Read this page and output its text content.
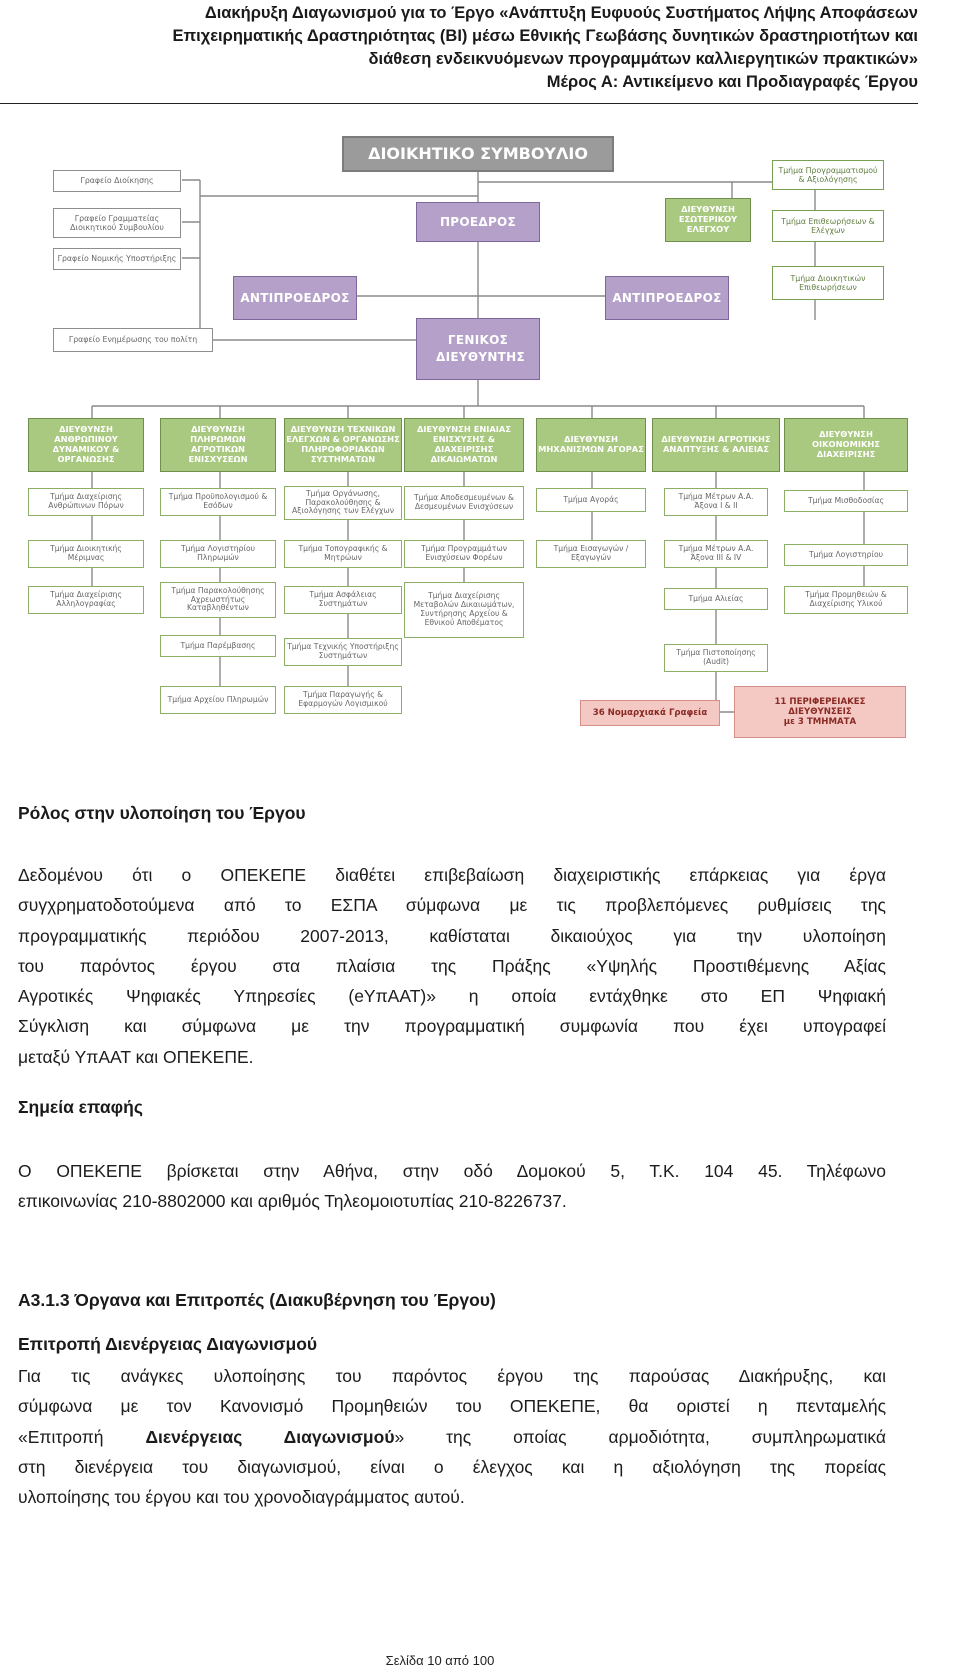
Διακήρυξη Διαγωνισμού για το Έργο «Ανάπτυξη Ευφυούς Συστήματος Λήψης Αποφάσεων
Επιχειρηματικής Δραστηριότητας (BI) μέσω Εθνικής Γεωβάσης δυνητικών δραστηριοτήτων και
διάθεση ενδεικνυόμενων προγραμμάτων καλλιεργητικών πρακτικών»
Μέρος Α: Αντικείμενο και Προδιαγραφές Έργου
ΔΙΟΙΚΗΤΙΚΟ ΣΥΜΒΟΥΛΙΟ
Γραφείο Διοίκησης
Γραφείο Γραμματείας Διοικητικού Συμβουλίου
Γραφείο Νομικής Υποστήριξης
Γραφείο Ενημέρωσης του πολίτη
ΠΡΟΕΔΡΟΣ
ΑΝΤΙΠΡΟΕΔΡΟΣ	ΑΝΤΙΠΡΟΕΔΡΟΣ
ΓΕΝΙΚΟΣ ΔΙΕΥΘΥΝΤΗΣ
ΔΙΕΥΘΥΝΣΗ ΕΣΩΤΕΡΙΚΟΥ ΕΛΕΓΧΟΥ
Τμήμα Προγραμματισμού & Αξιολόγησης
Τμήμα Επιθεωρήσεων & Ελέγχων
Τμήμα Διοικητικών Επιθεωρήσεων
ΔΙΕΥΘΥΝΣΗ ΑΝΘΡΩΠΙΝΟΥ ΔΥΝΑΜΙΚΟΥ & ΟΡΓΑΝΩΣΗΣ
Τμήμα Διαχείρισης Ανθρώπινων Πόρων
Τμήμα Διοικητικής Μέριμνας
Τμήμα Διαχείρισης Αλληλογραφίας
ΔΙΕΥΘΥΝΣΗ ΠΛΗΡΩΜΩΝ ΑΓΡΟΤΙΚΩΝ ΕΝΙΣΧΥΣΕΩΝ
Τμήμα Προϋπολογισμού & Εσόδων
Τμήμα Λογιστηρίου Πληρωμών
Τμήμα Παρακολούθησης Αχρεωστήτως Καταβληθέντων
Τμήμα Παρέμβασης
Τμήμα Αρχείου Πληρωμών
ΔΙΕΥΘΥΝΣΗ ΤΕΧΝΙΚΩΝ ΕΛΕΓΧΩΝ & ΟΡΓΑΝΩΣΗΣ ΠΛΗΡΟΦΟΡΙΑΚΩΝ ΣΥΣΤΗΜΑΤΩΝ
Τμήμα Οργάνωσης, Παρακολούθησης & Αξιολόγησης των Ελέγχων
Τμήμα Τοπογραφικής & Μητρώων
Τμήμα Ασφάλειας Συστημάτων
Τμήμα Τεχνικής Υποστήριξης Συστημάτων
Τμήμα Παραγωγής & Εφαρμογών Λογισμικού
ΔΙΕΥΘΥΝΣΗ ΕΝΙΑΙΑΣ ΕΝΙΣΧΥΣΗΣ & ΔΙΑΧΕΙΡΙΣΗΣ ΔΙΚΑΙΩΜΑΤΩΝ
Τμήμα Αποδεσμευμένων & Δεσμευμένων Ενισχύσεων
Τμήμα Προγραμμάτων Ενισχύσεων Φορέων
Τμήμα Διαχείρισης Μεταβολών Δικαιωμάτων, Συντήρησης Αρχείου & Εθνικού Αποθέματος
ΔΙΕΥΘΥΝΣΗ ΜΗΧΑΝΙΣΜΩΝ ΑΓΟΡΑΣ
Τμήμα Αγοράς
Τμήμα Εισαγωγών / Εξαγωγών
ΔΙΕΥΘΥΝΣΗ ΑΓΡΟΤΙΚΗΣ ΑΝΑΠΤΥΞΗΣ & ΑΛΙΕΙΑΣ
Τμήμα Μέτρων Α.Α. Άξονα I & II
Τμήμα Μέτρων Α.Α. Άξονα III & IV
Τμήμα Αλιείας
Τμήμα Πιστοποίησης (Audit)
ΔΙΕΥΘΥΝΣΗ ΟΙΚΟΝΟΜΙΚΗΣ ΔΙΑΧΕΙΡΙΣΗΣ
Τμήμα Μισθοδοσίας
Τμήμα Λογιστηρίου
Τμήμα Προμηθειών & Διαχείρισης Υλικού
36 Νομαρχιακά Γραφεία
11 ΠΕΡΙΦΕΡΕΙΑΚΕΣ
ΔΙΕΥΘΥΝΣΕΙΣ
με 3 ΤΜΗΜΑΤΑ
Ρόλος στην υλοποίηση του Έργου
Δεδομένου ότι ο ΟΠΕΚΕΠΕ διαθέτει επιβεβαίωση διαχειριστικής επάρκειας για έργα
συγχρηματοδοτούμενα από το ΕΣΠΑ σύμφωνα με τις προβλεπόμενες ρυθμίσεις της
προγραμματικής περιόδου 2007-2013, καθίσταται δικαιούχος για την υλοποίηση
του παρόντος έργου στα πλαίσια της Πράξης «Υψηλής Προστιθέμενης Αξίας
Αγροτικές Ψηφιακές Υπηρεσίες (eΥπΑΑΤ)» η οποία εντάχθηκε στο ΕΠ Ψηφιακή
Σύγκλιση και σύμφωνα με την προγραμματική συμφωνία που έχει υπογραφεί
μεταξύ ΥπΑΑΤ και ΟΠΕΚΕΠΕ.
Σημεία επαφής
Ο ΟΠΕΚΕΠΕ βρίσκεται στην Αθήνα, στην οδό Δομοκού 5, Τ.Κ. 104 45. Τηλέφωνο
επικοινωνίας 210-8802000 και αριθμός Τηλεομοιοτυπίας 210-8226737.
Α3.1.3 Όργανα και Επιτροπές (Διακυβέρνηση του Έργου)
Επιτροπή Διενέργειας Διαγωνισμού
Για τις ανάγκες υλοποίησης του παρόντος έργου της παρούσας Διακήρυξης, και
σύμφωνα με τον Κανονισμό Προμηθειών του ΟΠΕΚΕΠΕ, θα οριστεί η πενταμελής
«Επιτροπή Διενέργειας Διαγωνισμού» της οποίας αρμοδιότητα, συμπληρωματικά
στη διενέργεια του διαγωνισμού, είναι ο έλεγχος και η αξιολόγηση της πορείας
υλοποίησης του έργου και του χρονοδιαγράμματος αυτού.
Σελίδα 10 από 100
